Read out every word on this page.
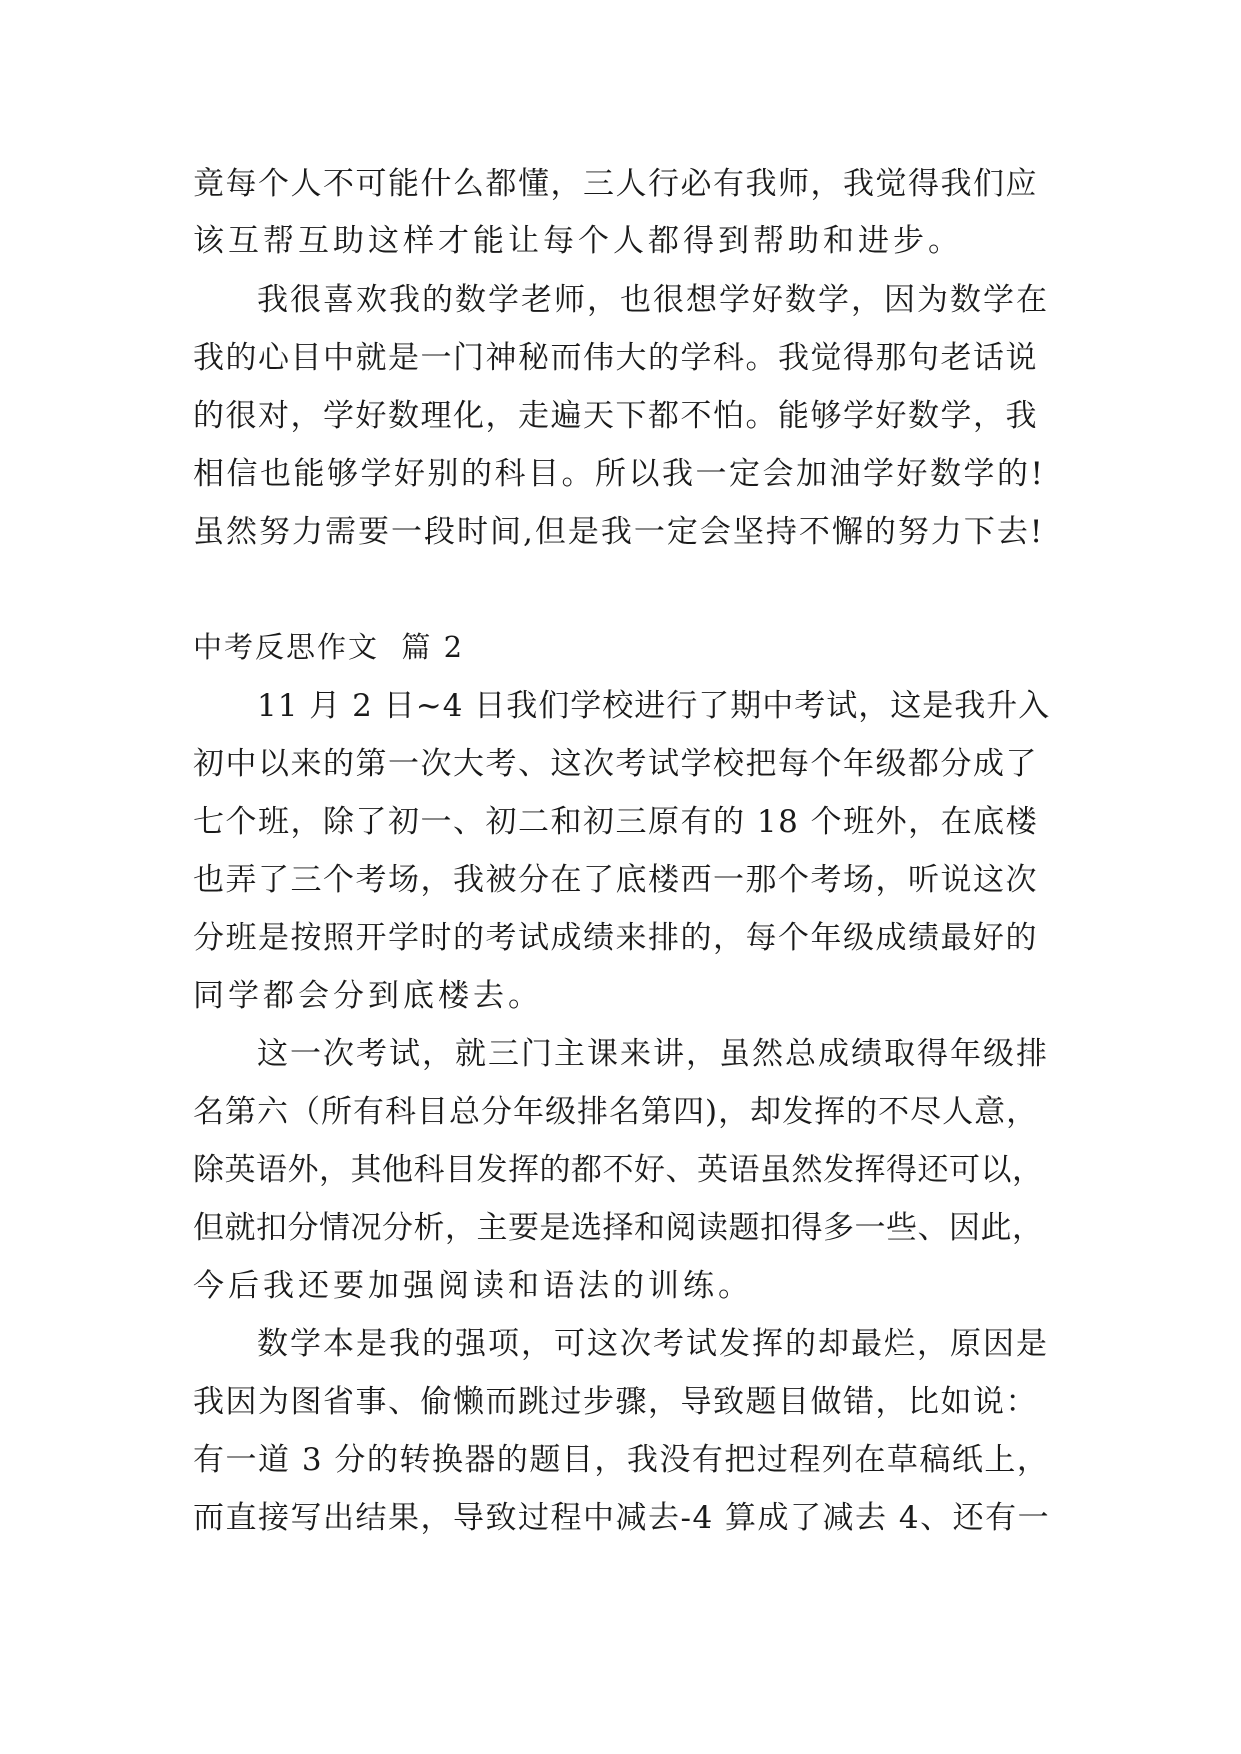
竟每个人不可能什么都懂，三人行必有我师，我觉得我们应
该互帮互助这样才能让每个人都得到帮助和进步。
我很喜欢我的数学老师，也很想学好数学，因为数学在
我的心目中就是一门神秘而伟大的学科。我觉得那句老话说
的很对，学好数理化，走遍天下都不怕。能够学好数学，我
相信也能够学好别的科目。所以我一定会加油学好数学的!
虽然努力需要一段时间,但是我一定会坚持不懈的努力下去!
中考反思作文  篇 2
11 月 2 日~4 日我们学校进行了期中考试，这是我升入
初中以来的第一次大考、这次考试学校把每个年级都分成了
七个班，除了初一、初二和初三原有的 18 个班外，在底楼
也弄了三个考场，我被分在了底楼西一那个考场，听说这次
分班是按照开学时的考试成绩来排的，每个年级成绩最好的
同学都会分到底楼去。
这一次考试，就三门主课来讲，虽然总成绩取得年级排
名第六（所有科目总分年级排名第四)，却发挥的不尽人意，
除英语外，其他科目发挥的都不好、英语虽然发挥得还可以，
但就扣分情况分析，主要是选择和阅读题扣得多一些、因此，
今后我还要加强阅读和语法的训练。
数学本是我的强项，可这次考试发挥的却最烂，原因是
我因为图省事、偷懒而跳过步骤，导致题目做错，比如说：
有一道 3 分的转换器的题目，我没有把过程列在草稿纸上，
而直接写出结果，导致过程中减去-4 算成了减去 4、还有一
